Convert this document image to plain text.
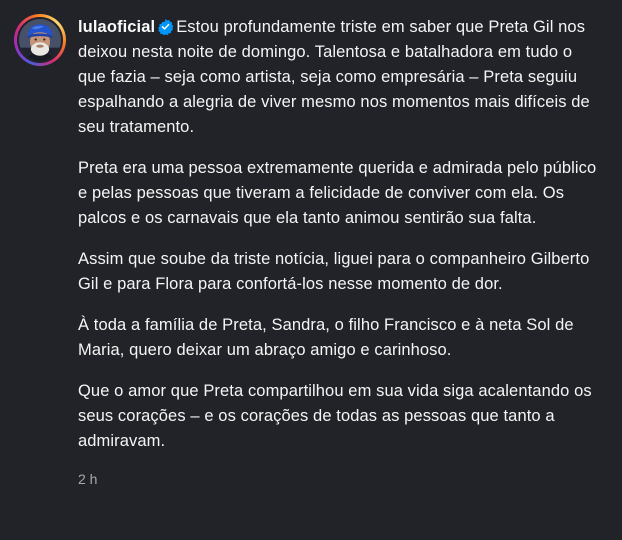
lulaoficial Estou profundamente triste em saber que Preta Gil nos deixou nesta noite de domingo. Talentosa e batalhadora em tudo o que fazia – seja como artista, seja como empresária – Preta seguiu espalhando a alegria de viver mesmo nos momentos mais difíceis de seu tratamento.

Preta era uma pessoa extremamente querida e admirada pelo público e pelas pessoas que tiveram a felicidade de conviver com ela. Os palcos e os carnavais que ela tanto animou sentirão sua falta.

Assim que soube da triste notícia, liguei para o companheiro Gilberto Gil e para Flora para confortá-los nesse momento de dor.

À toda a família de Preta, Sandra, o filho Francisco e à neta Sol de Maria, quero deixar um abraço amigo e carinhoso.

Que o amor que Preta compartilhou em sua vida siga acalentando os seus corações – e os corações de todas as pessoas que tanto a admiravam.

2 h
